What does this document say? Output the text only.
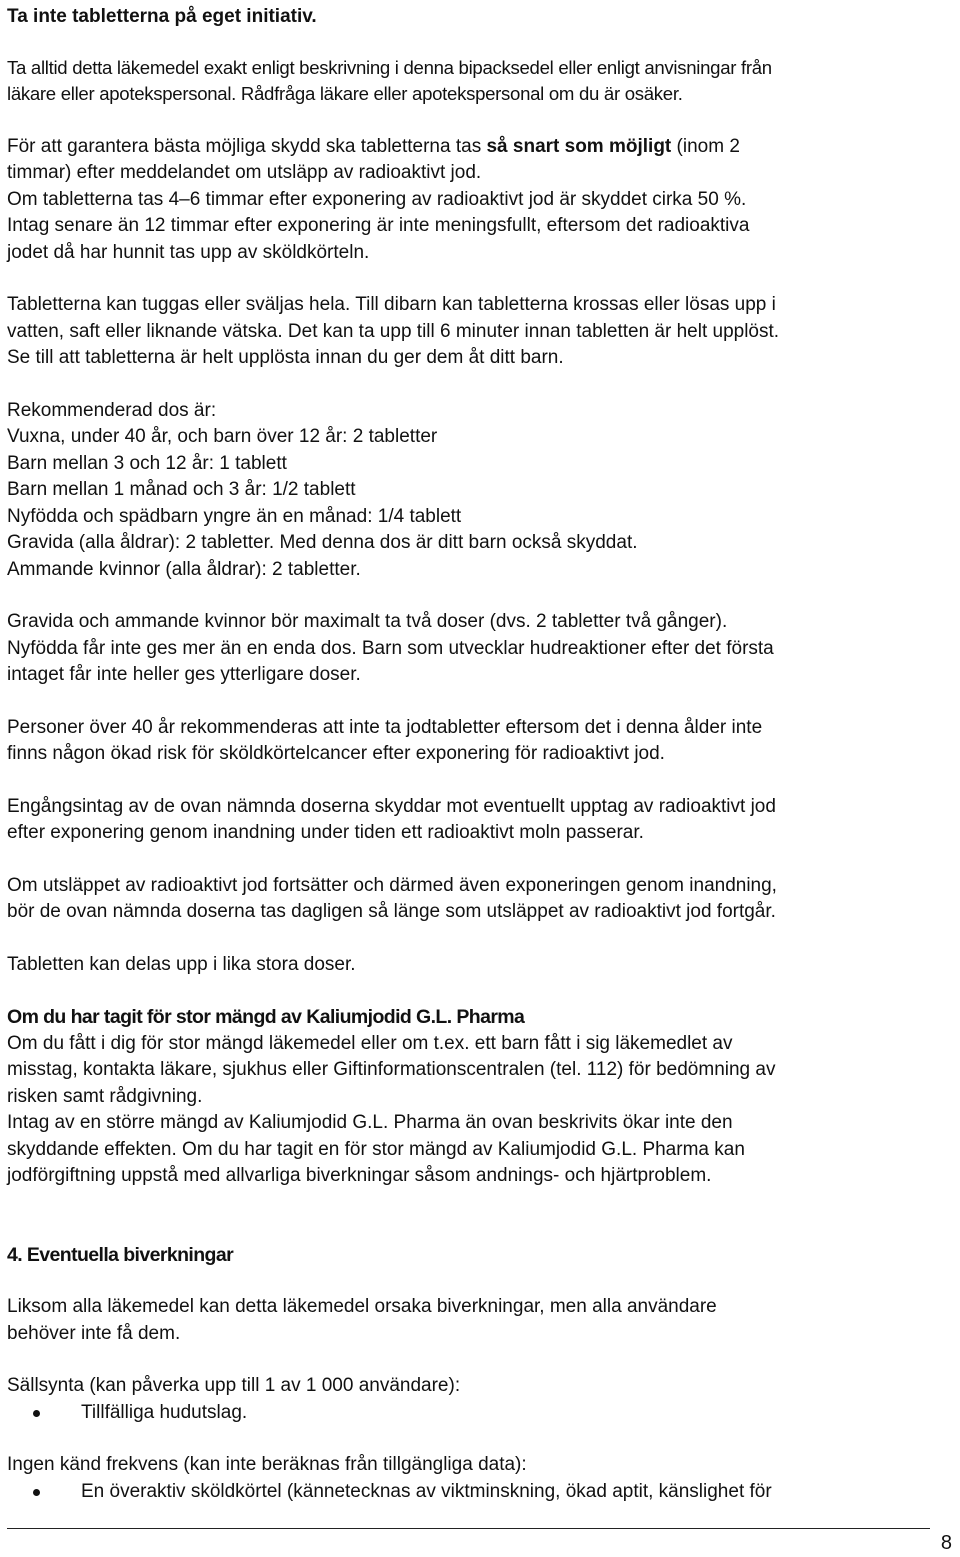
Ta inte tabletterna på eget initiativ.

Ta alltid detta läkemedel exakt enligt beskrivning i denna bipacksedel eller enligt anvisningar från

läkare eller apotekspersonal. Rådfråga läkare eller apotekspersonal om du är osäker.

För att garantera bästa möjliga skydd ska tabletterna tas så snart som möjligt (inom 2

timmar) efter meddelandet om utsläpp av radioaktivt jod.

Om tabletterna tas 4–6 timmar efter exponering av radioaktivt jod är skyddet cirka 50 %.

Intag senare än 12 timmar efter exponering är inte meningsfullt, eftersom det radioaktiva

jodet då har hunnit tas upp av sköldkörteln.

Tabletterna kan tuggas eller sväljas hela. Till dibarn kan tabletterna krossas eller lösas upp i

vatten, saft eller liknande vätska. Det kan ta upp till 6 minuter innan tabletten är helt upplöst.

Se till att tabletterna är helt upplösta innan du ger dem åt ditt barn.

Rekommenderad dos är:

Vuxna, under 40 år, och barn över 12 år: 2 tabletter

Barn mellan 3 och 12 år: 1 tablett

Barn mellan 1 månad och 3 år: 1/2 tablett

Nyfödda och spädbarn yngre än en månad: 1/4 tablett

Gravida (alla åldrar): 2 tabletter. Med denna dos är ditt barn också skyddat.

Ammande kvinnor (alla åldrar): 2 tabletter.

Gravida och ammande kvinnor bör maximalt ta två doser (dvs. 2 tabletter två gånger).

Nyfödda får inte ges mer än en enda dos. Barn som utvecklar hudreaktioner efter det första

intaget får inte heller ges ytterligare doser.

Personer över 40 år rekommenderas att inte ta jodtabletter eftersom det i denna ålder inte

finns någon ökad risk för sköldkörtelcancer efter exponering för radioaktivt jod.

Engångsintag av de ovan nämnda doserna skyddar mot eventuellt upptag av radioaktivt jod

efter exponering genom inandning under tiden ett radioaktivt moln passerar.

Om utsläppet av radioaktivt jod fortsätter och därmed även exponeringen genom inandning,

bör de ovan nämnda doserna tas dagligen så länge som utsläppet av radioaktivt jod fortgår.

Tabletten kan delas upp i lika stora doser.

Om du har tagit för stor mängd av Kaliumjodid G.L. Pharma

Om du fått i dig för stor mängd läkemedel eller om t.ex. ett barn fått i sig läkemedlet av

misstag, kontakta läkare, sjukhus eller Giftinformationscentralen (tel. 112) för bedömning av

risken samt rådgivning.

Intag av en större mängd av Kaliumjodid G.L. Pharma än ovan beskrivits ökar inte den

skyddande effekten. Om du har tagit en för stor mängd av Kaliumjodid G.L. Pharma kan

jodförgiftning uppstå med allvarliga biverkningar såsom andnings- och hjärtproblem.

4. Eventuella biverkningar

Liksom alla läkemedel kan detta läkemedel orsaka biverkningar, men alla användare

behöver inte få dem.

Sällsynta (kan påverka upp till 1 av 1 000 användare):

Tillfälliga hudutslag.

Ingen känd frekvens (kan inte beräknas från tillgängliga data):

En överaktiv sköldkörtel (kännetecknas av viktminskning, ökad aptit, känslighet för
8
